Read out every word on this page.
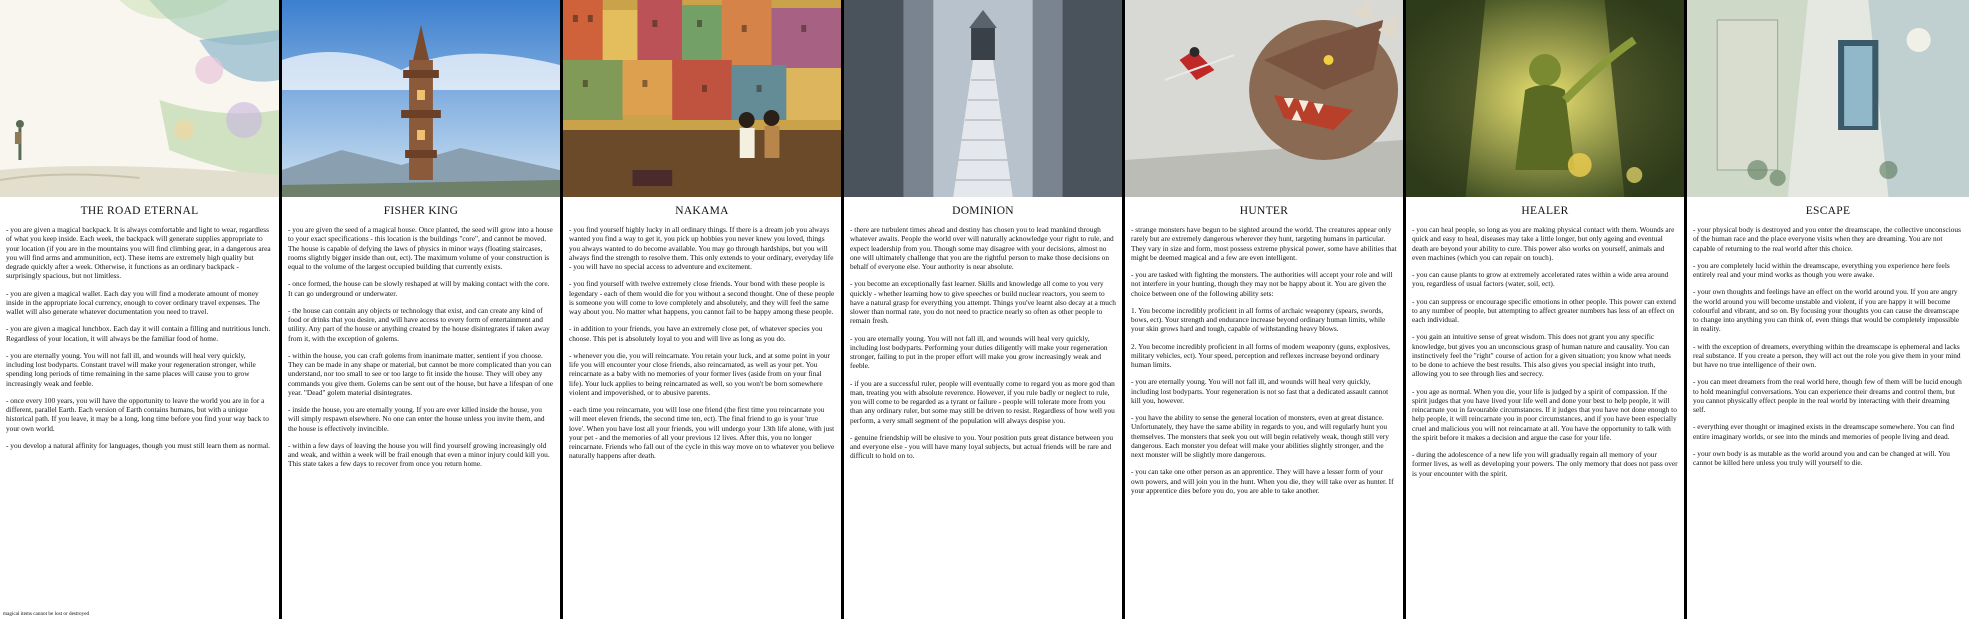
THE ROAD ETERNAL

- you are given a magical backpack. It is always comfortable and light to wear, regardless of what you keep inside. Each week, the backpack will generate supplies appropriate to your location (if you are in the mountains you will find climbing gear, in a dangerous area you will find arms and ammunition, ect). These items are extremely high quality but degrade quickly after a week. Otherwise, it functions as an ordinary backpack - surprisingly spacious, but not limitless.

- you are given a magical wallet. Each day you will find a moderate amount of money inside in the appropriate local currency, enough to cover ordinary travel expenses. The wallet will also generate whatever documentation you need to travel.

- you are given a magical lunchbox. Each day it will contain a filling and nutritious lunch. Regardless of your location, it will always be the familiar food of home.

- you are eternally young. You will not fall ill, and wounds will heal very quickly, including lost bodyparts. Constant travel will make your regeneration stronger, while spending long periods of time remaining in the same places will cause you to grow increasingly weak and feeble.

- once every 100 years, you will have the opportunity to leave the world you are in for a different, parallel Earth. Each version of Earth contains humans, but with a unique historical path. If you leave, it may be a long, long time before you find your way back to your own world.

- you develop a natural affinity for languages, though you must still learn them as normal.

magical items cannot be lost or destroyed
FISHER KING

- you are given the seed of a magical house. Once planted, the seed will grow into a house to your exact specifications - this location is the buildings "core", and cannot be moved. The house is capable of defying the laws of physics in minor ways (floating staircases, rooms slightly bigger inside than out, ect). The maximum volume of your construction is equal to the volume of the largest occupied building that currently exists.

- once formed, the house can be slowly reshaped at will by making contact with the core. It can go underground or underwater.

- the house can contain any objects or technology that exist, and can create any kind of food or drinks that you desire, and will have access to every form of entertainment and utility. Any part of the house or anything created by the house disintegrates if taken away from it, with the exception of golems.

- within the house, you can craft golems from inanimate matter, sentient if you choose. They can be made in any shape or material, but cannot be more complicated than you can understand, nor too small to see or too large to fit inside the house. They will obey any commands you give them. Golems can be sent out of the house, but have a lifespan of one year. "Dead" golem material disintegrates.

- inside the house, you are eternally young. If you are ever killed inside the house, you will simply respawn elsewhere. No one can enter the house unless you invite them, and the house is effectively invincible.

- within a few days of leaving the house you will find yourself growing increasingly old and weak, and within a week will be frail enough that even a minor injury could kill you. This state takes a few days to recover from once you return home.

NAKAMA

- you find yourself highly lucky in all ordinary things. If there is a dream job you always wanted you find a way to get it, you pick up hobbies you never knew you loved, things you always wanted to do become available. You may go through hardships, but you will always find the strength to resolve them. This only extends to your ordinary, everyday life - you will have no special access to adventure and excitement.

- you find yourself with twelve extremely close friends. Your bond with these people is legendary - each of them would die for you without a second thought. One of these people is someone you will come to love completely and absolutely, and they will feel the same way about you. No matter what happens, you cannot fail to be happy among these people.

- in addition to your friends, you have an extremely close pet, of whatever species you choose. This pet is absolutely loyal to you and will live as long as you do.

- whenever you die, you will reincarnate. You retain your luck, and at some point in your life you will encounter your close friends, also reincarnated, as well as your pet. You reincarnate as a baby with no memories of your former lives (aside from on your final life). Your luck applies to being reincarnated as well, so you won't be born somewhere violent and impoverished, or to abusive parents.

- each time you reincarnate, you will lose one friend (the first time you reincarnate you will meet eleven friends, the second time ten, ect). The final friend to go is your 'true love'. When you have lost all your friends, you will undergo your 13th life alone, with just your pet - and the memories of all your previous 12 lives. After this, you no longer reincarnate. Friends who fall out of the cycle in this way move on to whatever you believe naturally happens after death.

DOMINION

- there are turbulent times ahead and destiny has chosen you to lead mankind through whatever awaits. People the world over will naturally acknowledge your right to rule, and expect leadership from you. Though some may disagree with your decisions, almost no one will ultimately challenge that you are the rightful person to make those decisions on behalf of everyone else. Your authority is near absolute.

- you become an exceptionally fast learner. Skills and knowledge all come to you very quickly - whether learning how to give speeches or build nuclear reactors, you seem to have a natural grasp for everything you attempt. Things you've learnt also decay at a much slower than normal rate, you do not need to practice nearly so often as other people to remain fresh.

- you are eternally young. You will not fall ill, and wounds will heal very quickly, including lost bodyparts. Performing your duties diligently will make your regeneration stronger, failing to put in the proper effort will make you grow increasingly weak and feeble.

- if you are a successful ruler, people will eventually come to regard you as more god than man, treating you with absolute reverence. However, if you rule badly or neglect to rule, you will come to be regarded as a tyrant or failure - people will tolerate more from you than any ordinary ruler, but some may still be driven to resist. Regardless of how well you perform, a very small segment of the population will always despise you.

- genuine friendship will be elusive to you. Your position puts great distance between you and everyone else - you will have many loyal subjects, but actual friends will be rare and difficult to hold on to.

HUNTER

- strange monsters have begun to be sighted around the world. The creatures appear only rarely but are extremely dangerous wherever they hunt, targeting humans in particular. They vary in size and form, most possess extreme physical power, some have abilities that might be deemed magical and a few are even intelligent.

- you are tasked with fighting the monsters. The authorities will accept your role and will not interfere in your hunting, though they may not be happy about it. You are given the choice between one of the following ability sets:

1. You become incredibly proficient in all forms of archaic weaponry (spears, swords, bows, ect). Your strength and endurance increase beyond ordinary human limits, while your skin grows hard and tough, capable of withstanding heavy blows.

2. You become incredibly proficient in all forms of modern weaponry (guns, explosives, military vehicles, ect). Your speed, perception and reflexes increase beyond ordinary human limits.

- you are eternally young. You will not fall ill, and wounds will heal very quickly, including lost bodyparts. Your regeneration is not so fast that a dedicated assault cannot kill you, however.

- you have the ability to sense the general location of monsters, even at great distance. Unfortunately, they have the same ability in regards to you, and will regularly hunt you themselves. The monsters that seek you out will begin relatively weak, though still very dangerous. Each monster you defeat will make your abilities slightly stronger, and the next monster will be slightly more dangerous.

- you can take one other person as an apprentice. They will have a lesser form of your own powers, and will join you in the hunt. When you die, they will take over as hunter. If your apprentice dies before you do, you are able to take another.

HEALER

- you can heal people, so long as you are making physical contact with them. Wounds are quick and easy to heal, diseases may take a little longer, but only ageing and eventual death are beyond your ability to cure. This power also works on yourself, animals and even machines (which you can repair on touch).

- you can cause plants to grow at extremely accelerated rates within a wide area around you, regardless of usual factors (water, soil, ect).

- you can suppress or encourage specific emotions in other people. This power can extend to any number of people, but attempting to affect greater numbers has less of an effect on each individual.

- you gain an intuitive sense of great wisdom. This does not grant you any specific knowledge, but gives you an unconscious grasp of human nature and causality. You can instinctively feel the "right" course of action for a given situation; you know what needs to be done to achieve the best results. This also gives you special insight into truth, allowing you to see through lies and secrecy.

- you age as normal. When you die, your life is judged by a spirit of compassion. If the spirit judges that you have lived your life well and done your best to help people, it will reincarnate you in favourable circumstances. If it judges that you have not done enough to help people, it will reincarnate you in poor circumstances, and if you have been especially cruel and malicious you will not reincarnate at all. You have the opportunity to talk with the spirit before it makes a decision and argue the case for your life.

- during the adolescence of a new life you will gradually regain all memory of your former lives, as well as developing your powers. The only memory that does not pass over is your encounter with the spirit.

ESCAPE

- your physical body is destroyed and you enter the dreamscape, the collective unconscious of the human race and the place everyone visits when they are dreaming. You are not capable of returning to the real world after this choice.

- you are completely lucid within the dreamscape, everything you experience here feels entirely real and your mind works as though you were awake.

- your own thoughts and feelings have an effect on the world around you. If you are angry the world around you will become unstable and violent, if you are happy it will become colourful and vibrant, and so on. By focusing your thoughts you can cause the dreamscape to change into anything you can think of, even things that would be completely impossible in reality.

- with the exception of dreamers, everything within the dreamscape is ephemeral and lacks real substance. If you create a person, they will act out the role you give them in your mind but have no true intelligence of their own.

- you can meet dreamers from the real world here, though few of them will be lucid enough to hold meaningful conversations. You can experience their dreams and control them, but you cannot physically effect people in the real world by interacting with their dreaming self.

- everything ever thought or imagined exists in the dreamscape somewhere. You can find entire imaginary worlds, or see into the minds and memories of people living and dead.

- your own body is as mutable as the world around you and can be changed at will. You cannot be killed here unless you truly will yourself to die.
